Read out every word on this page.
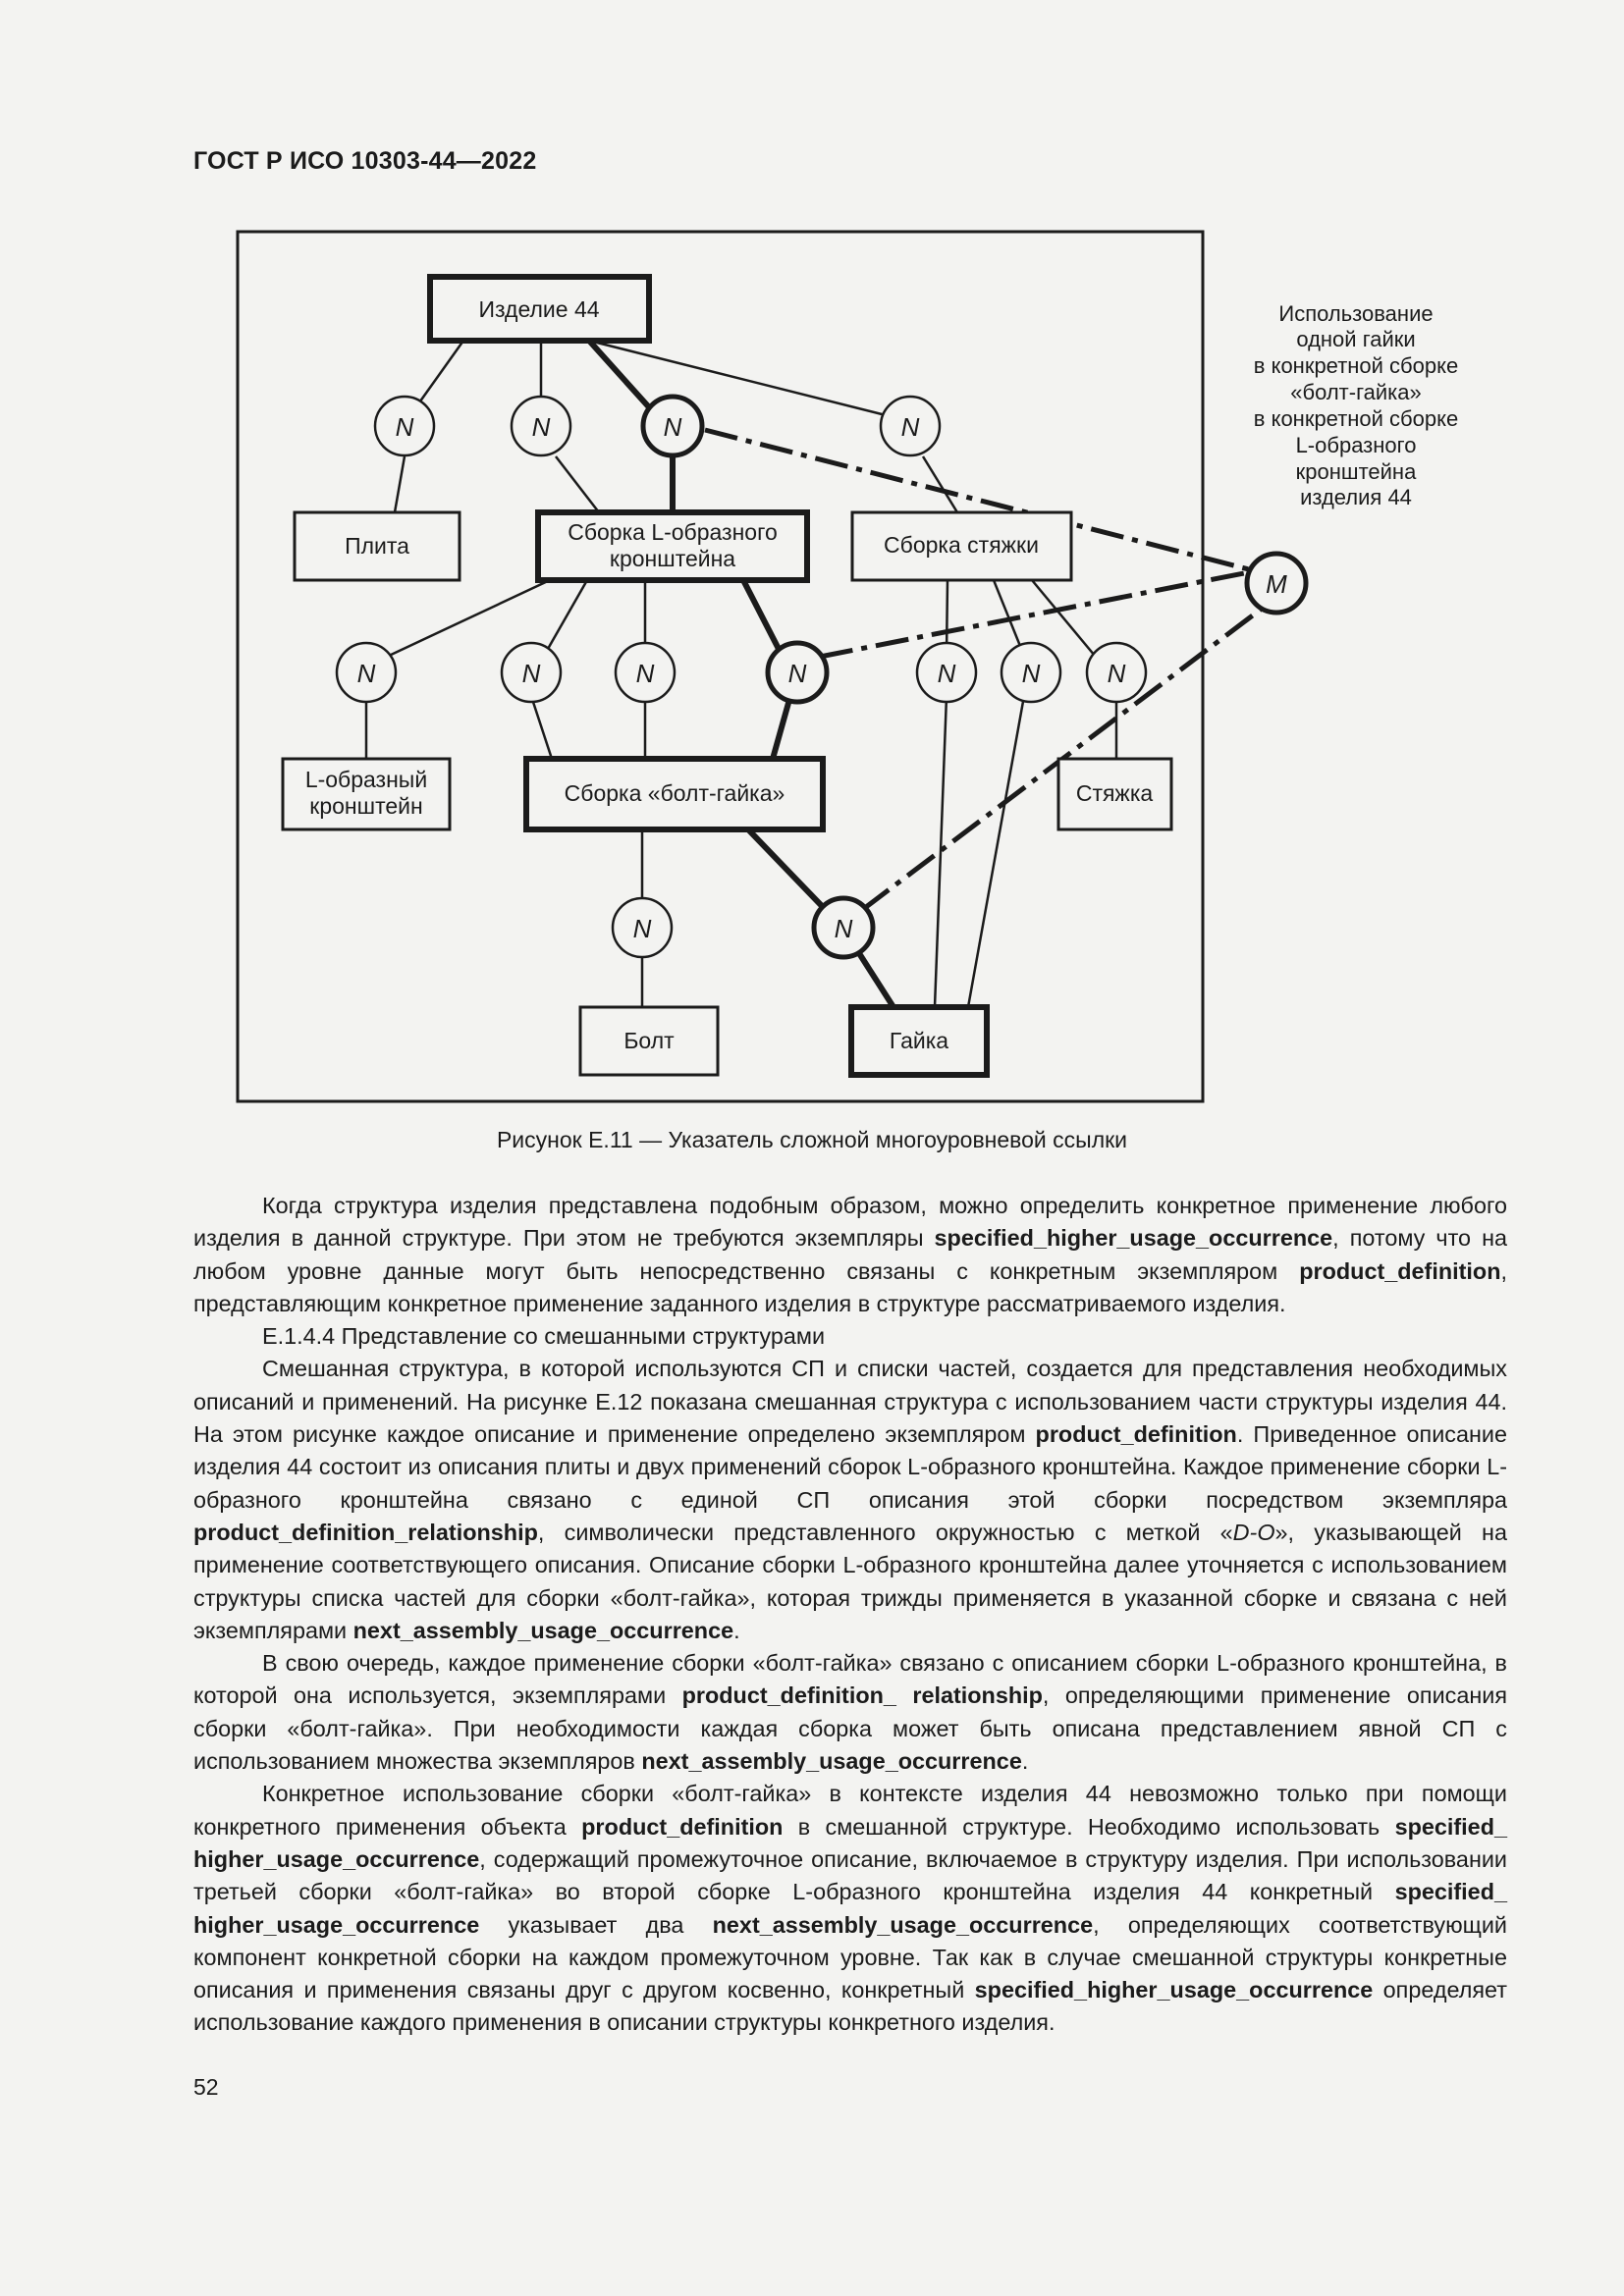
ГОСТ Р ИСО 10303-44—2022
Изделие 44
Плита
Сборка L-образного
кронштейна
Сборка стяжки
L-образный
кронштейн	Сборка «болт-гайка»	Стяжка
Болт	Гайка
N	N	N	N
N	N	N	N	N	N	N
N	N
M
Использование
одной гайки
в конкретной сборке
«болт-гайка»
в конкретной сборке
L-образного
кронштейна
изделия 44
Рисунок Е.11 — Указатель сложной многоуровневой ссылки

Когда структура изделия представлена подобным образом, можно определить конкретное применение любого изделия в данной структуре. При этом не требуются экземпляры specified_higher_usage_occurrence, потому что на любом уровне данные могут быть непосредственно связаны с конкретным экземпляром product_definition, представляющим конкретное применение заданного изделия в структуре рассматриваемого изделия.

Е.1.4.4 Представление со смешанными структурами

Смешанная структура, в которой используются СП и списки частей, создается для представления необходимых описаний и применений. На рисунке Е.12 показана смешанная структура с использованием части структуры изделия 44. На этом рисунке каждое описание и применение определено экземпляром product_definition. Приведенное описание изделия 44 состоит из описания плиты и двух применений сборок L-образного кронштейна. Каждое применение сборки L-образного кронштейна связано с единой СП описания этой сборки посредством экземпляра product_definition_relationship, символически представленного окружностью с меткой «D-O», указывающей на применение соответствующего описания. Описание сборки L-образного кронштейна далее уточняется с использованием структуры списка частей для сборки «болт-гайка», которая трижды применяется в указанной сборке и связана с ней экземплярами next_assembly_usage_occurrence.

В свою очередь, каждое применение сборки «болт-гайка» связано с описанием сборки L-образного кронштейна, в которой она используется, экземплярами product_definition_ relationship, определяющими применение описания сборки «болт-гайка». При необходимости каждая сборка может быть описана представлением явной СП с использованием множества экземпляров next_assembly_usage_occurrence.

Конкретное использование сборки «болт-гайка» в контексте изделия 44 невозможно только при помощи конкретного применения объекта product_definition в смешанной структуре. Необходимо использовать specified_ higher_usage_occurrence, содержащий промежуточное описание, включаемое в структуру изделия. При использовании третьей сборки «болт-гайка» во второй сборке L-образного кронштейна изделия 44 конкретный specified_ higher_usage_occurrence указывает два next_assembly_usage_occurrence, определяющих соответствующий компонент конкретной сборки на каждом промежуточном уровне. Так как в случае смешанной структуры конкретные описания и применения связаны друг с другом косвенно, конкретный specified_higher_usage_occurrence определяет использование каждого применения в описании структуры конкретного изделия.

52
